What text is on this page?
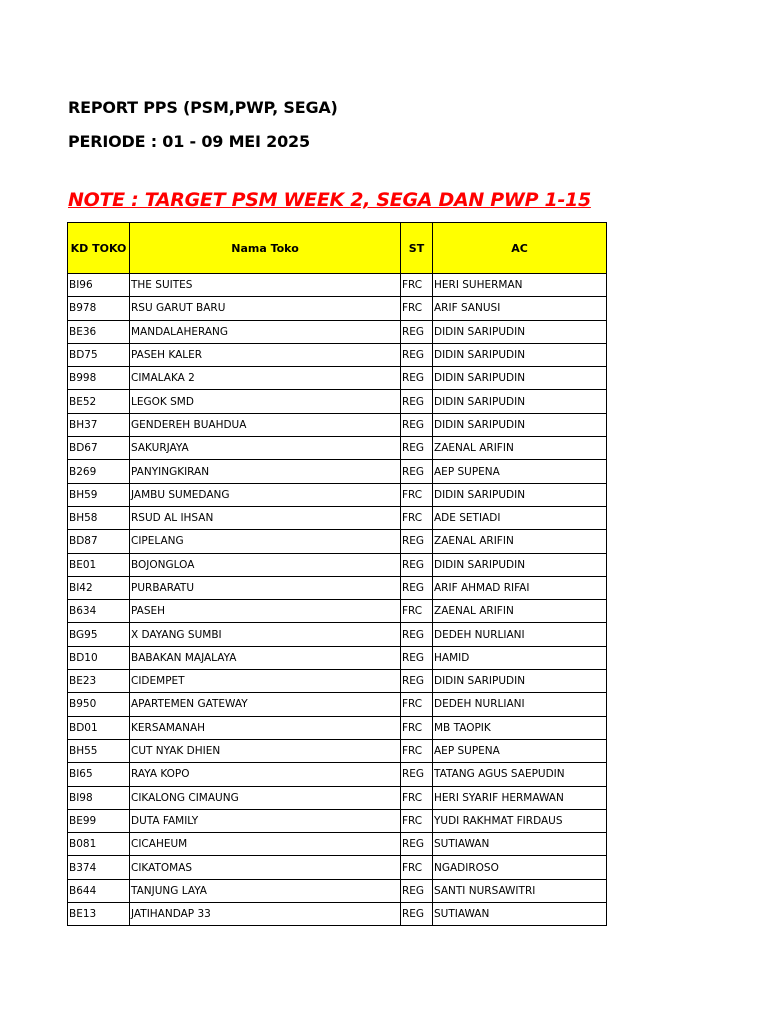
REPORT PPS (PSM,PWP, SEGA)
PERIODE : 01 - 09 MEI 2025
NOTE : TARGET PSM WEEK 2, SEGA DAN PWP 1-15
KD TOKO	Nama Toko	ST	AC
BI96	THE SUITES	FRC	HERI SUHERMAN
B978	RSU GARUT BARU	FRC	ARIF SANUSI
BE36	MANDALAHERANG	REG	DIDIN SARIPUDIN
BD75	PASEH KALER	REG	DIDIN SARIPUDIN
B998	CIMALAKA 2	REG	DIDIN SARIPUDIN
BE52	LEGOK SMD	REG	DIDIN SARIPUDIN
BH37	GENDEREH BUAHDUA	REG	DIDIN SARIPUDIN
BD67	SAKURJAYA	REG	ZAENAL ARIFIN
B269	PANYINGKIRAN	REG	AEP SUPENA
BH59	JAMBU SUMEDANG	FRC	DIDIN SARIPUDIN
BH58	RSUD AL IHSAN	FRC	ADE SETIADI
BD87	CIPELANG	REG	ZAENAL ARIFIN
BE01	BOJONGLOA	REG	DIDIN SARIPUDIN
BI42	PURBARATU	REG	ARIF AHMAD RIFAI
B634	PASEH	FRC	ZAENAL ARIFIN
BG95	X DAYANG SUMBI	REG	DEDEH NURLIANI
BD10	BABAKAN MAJALAYA	REG	HAMID
BE23	CIDEMPET	REG	DIDIN SARIPUDIN
B950	APARTEMEN GATEWAY	FRC	DEDEH NURLIANI
BD01	KERSAMANAH	FRC	MB TAOPIK
BH55	CUT NYAK DHIEN	FRC	AEP SUPENA
BI65	RAYA KOPO	REG	TATANG AGUS SAEPUDIN
BI98	CIKALONG CIMAUNG	FRC	HERI SYARIF HERMAWAN
BE99	DUTA FAMILY	FRC	YUDI RAKHMAT FIRDAUS
B081	CICAHEUM	REG	SUTIAWAN
B374	CIKATOMAS	FRC	NGADIROSO
B644	TANJUNG LAYA	REG	SANTI NURSAWITRI
BE13	JATIHANDAP 33	REG	SUTIAWAN
